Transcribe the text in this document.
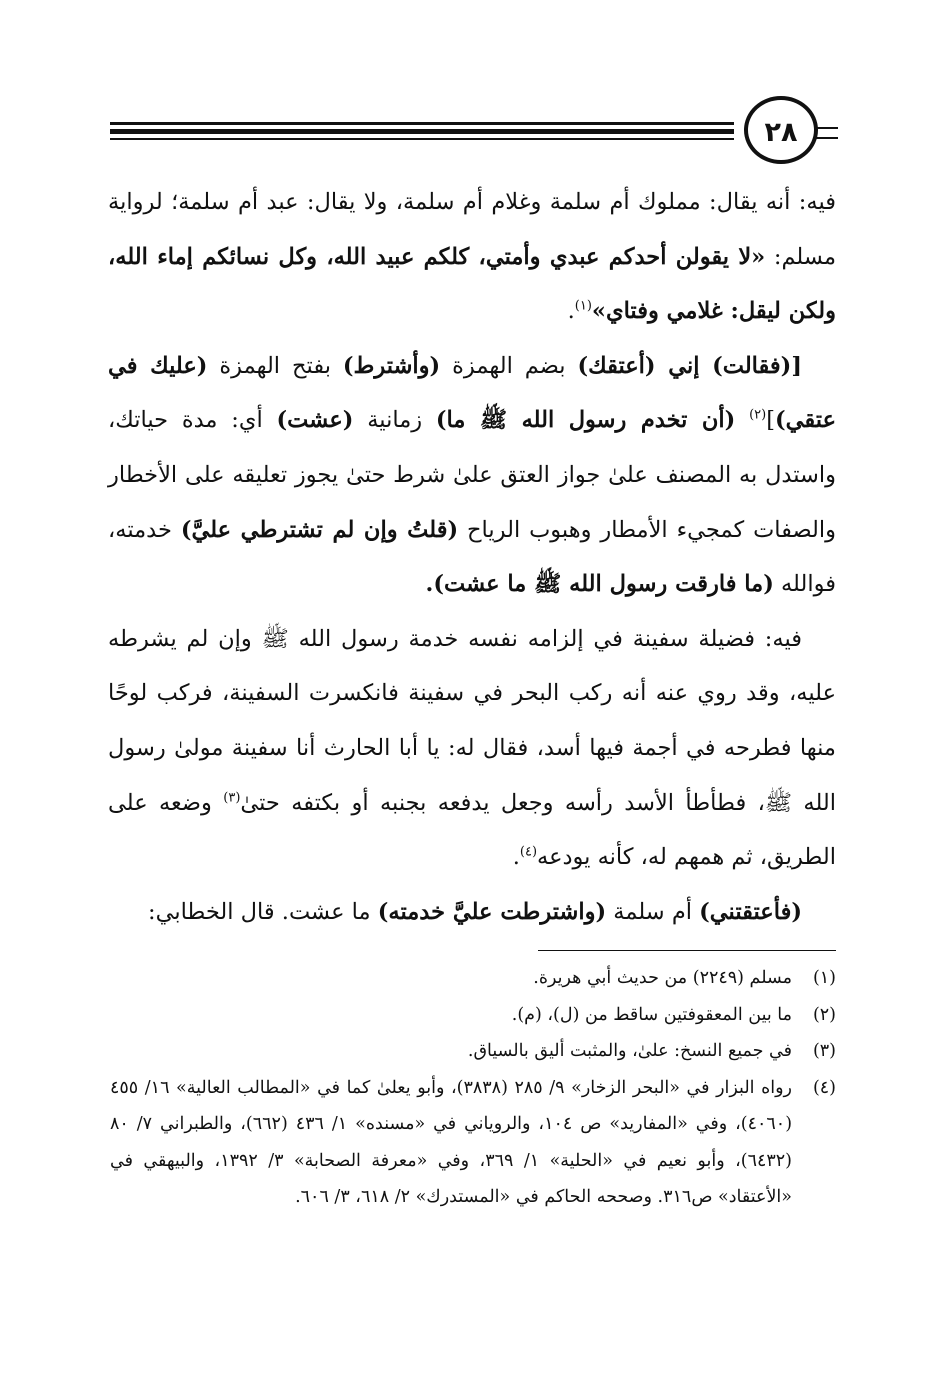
٢٨

فيه: أنه يقال: مملوك أم سلمة وغلام أم سلمة، ولا يقال: عبد أم سلمة؛ لرواية مسلم: «لا يقولن أحدكم عبدي وأمتي، كلكم عبيد الله، وكل نسائكم إماء الله، ولكن ليقل: غلامي وفتاي»$^{(١)}$.

[(فقالت) إني (أعتقك) بضم الهمزة (وأشترط) بفتح الهمزة (عليك في عتقي)]$^{(٢)}$ (أن تخدم رسول الله ﷺ ما) زمانية (عشت) أي: مدة حياتك، واستدل به المصنف علىٰ جواز العتق علىٰ شرط حتىٰ يجوز تعليقه على الأخطار والصفات كمجيء الأمطار وهبوب الرياح (قلتُ وإن لم تشترطي عليَّ) خدمته، فوالله (ما فارقت رسول الله ﷺ ما عشت).

فيه: فضيلة سفينة في إلزامه نفسه خدمة رسول الله ﷺ وإن لم يشرطه عليه، وقد روي عنه أنه ركب البحر في سفينة فانكسرت السفينة، فركب لوحًا منها فطرحه في أجمة فيها أسد، فقال له: يا أبا الحارث أنا سفينة مولىٰ رسول الله ﷺ، فطأطأ الأسد رأسه وجعل يدفعه بجنبه أو بكتفه حتىٰ$^{(٣)}$ وضعه على الطريق، ثم همهم له، كأنه يودعه$^{(٤)}$.

(فأعتقتني) أم سلمة (واشترطت عليَّ خدمته) ما عشت. قال الخطابي:

(١)
مسلم (٢٢٤٩) من حديث أبي هريرة.
(٢)
ما بين المعقوفتين ساقط من (ل)، (م).
(٣)
في جميع النسخ: علىٰ، والمثبت أليق بالسياق.
(٤)
رواه البزار في «البحر الزخار» ٩/ ٢٨٥ (٣٨٣٨)، وأبو يعلىٰ كما في «المطالب العالية» ١٦/ ٤٥٥ (٤٠٦٠)، وفي «المفاريد» ص ١٠٤، والروياني في «مسنده» ١/ ٤٣٦ (٦٦٢)، والطبراني ٧/ ٨٠ (٦٤٣٢)، وأبو نعيم في «الحلية» ١/ ٣٦٩، وفي «معرفة الصحابة» ٣/ ١٣٩٢، والبيهقي في «الأعتقاد» ص٣١٦. وصححه الحاكم في «المستدرك» ٢/ ٦١٨، ٣/ ٦٠٦.
